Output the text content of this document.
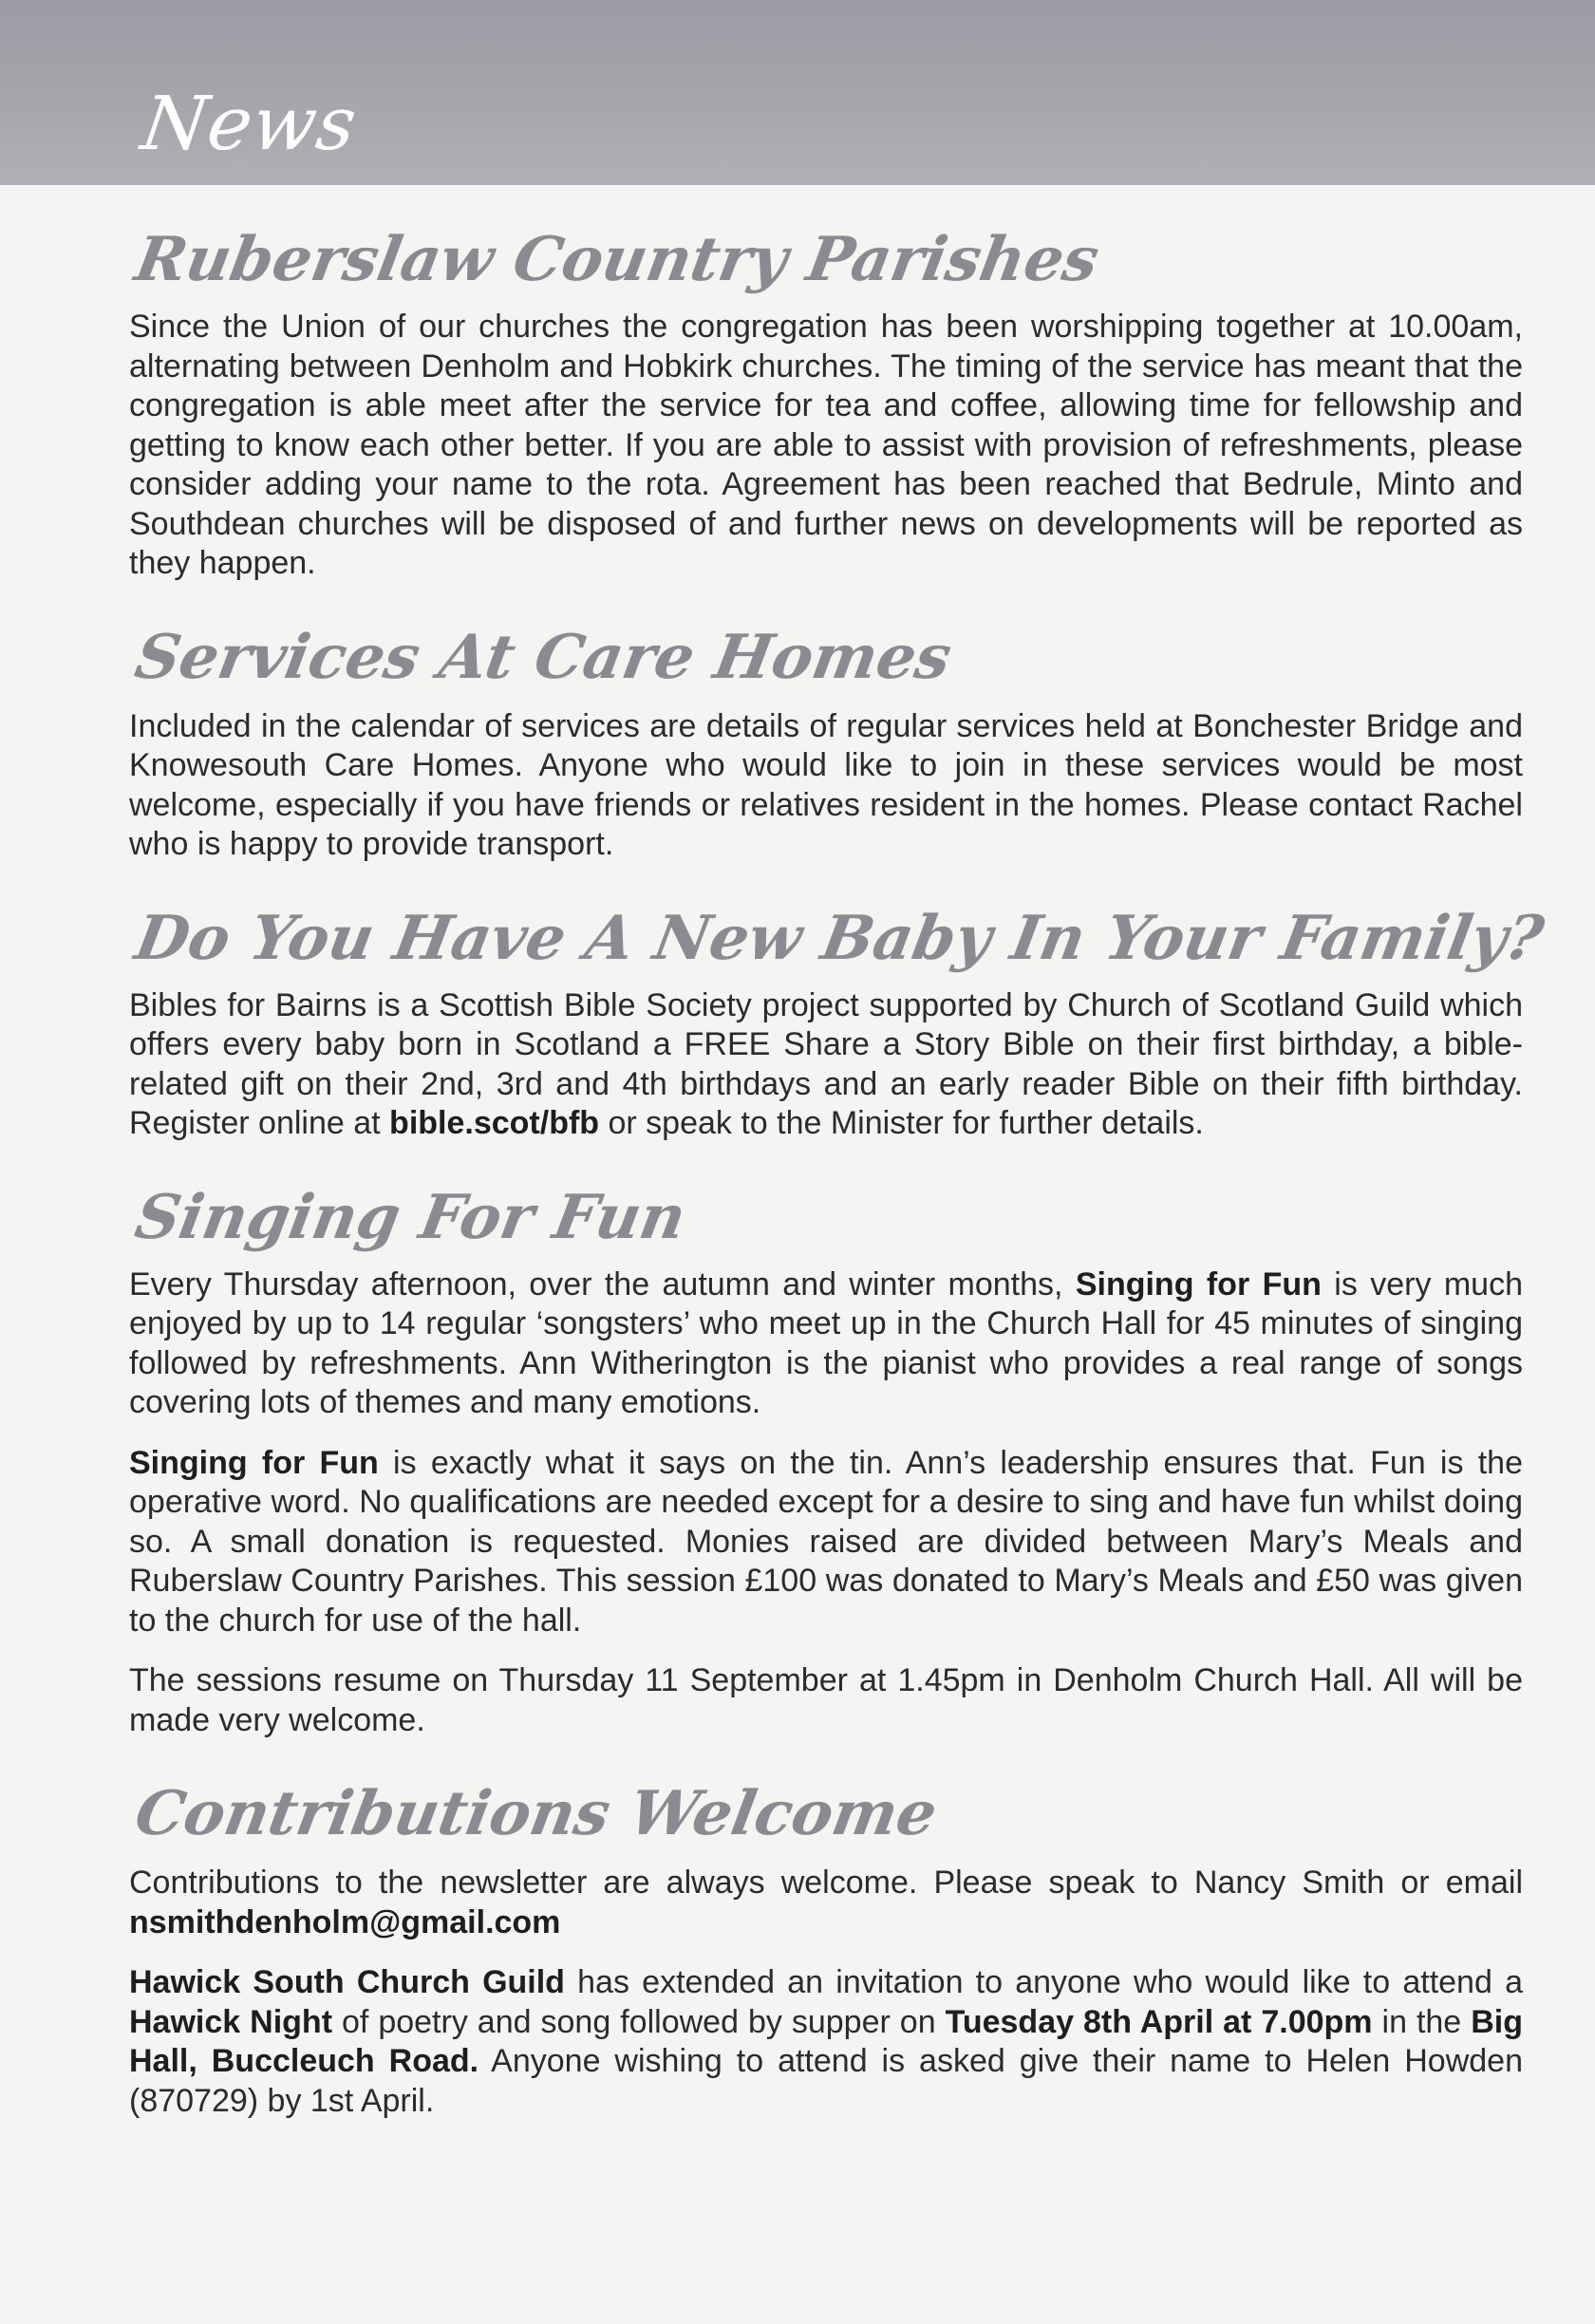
News
Ruberslaw Country Parishes

Since the Union of our churches the congregation has been worshipping together at 10.00am, alternating between Denholm and Hobkirk churches. The timing of the service has meant that the congregation is able meet after the service for tea and coffee, allowing time for fellowship and getting to know each other better. If you are able to assist with provision of refreshments, please consider adding your name to the rota. Agreement has been reached that Bedrule, Minto and Southdean churches will be disposed of and further news on developments will be reported as they happen.

Services At Care Homes

Included in the calendar of services are details of regular services held at Bonchester Bridge and Knowesouth Care Homes. Anyone who would like to join in these services would be most welcome, especially if you have friends or relatives resident in the homes. Please contact Rachel who is happy to provide transport.

Do You Have A New Baby In Your Family?

Bibles for Bairns is a Scottish Bible Society project supported by Church of Scotland Guild which offers every baby born in Scotland a FREE Share a Story Bible on their first birthday, a bible-related gift on their 2nd, 3rd and 4th birthdays and an early reader Bible on their fifth birthday. Register online at bible.scot/bfb or speak to the Minister for further details.

Singing For Fun

Every Thursday afternoon, over the autumn and winter months, Singing for Fun is very much enjoyed by up to 14 regular ‘songsters’ who meet up in the Church Hall for 45 minutes of singing followed by refreshments. Ann Witherington is the pianist who provides a real range of songs covering lots of themes and many emotions.

Singing for Fun is exactly what it says on the tin. Ann’s leadership ensures that. Fun is the operative word. No qualifications are needed except for a desire to sing and have fun whilst doing so. A small donation is requested. Monies raised are divided between Mary’s Meals and Ruberslaw Country Parishes. This session £100 was donated to Mary’s Meals and £50 was given to the church for use of the hall.

The sessions resume on Thursday 11 September at 1.45pm in Denholm Church Hall. All will be made very welcome.

Contributions Welcome

Contributions to the newsletter are always welcome. Please speak to Nancy Smith or email nsmithdenholm@gmail.com

Hawick South Church Guild has extended an invitation to anyone who would like to attend a Hawick Night of poetry and song followed by supper on Tuesday 8th April at 7.00pm in the Big Hall, Buccleuch Road. Anyone wishing to attend is asked give their name to Helen Howden (870729) by 1st April.
